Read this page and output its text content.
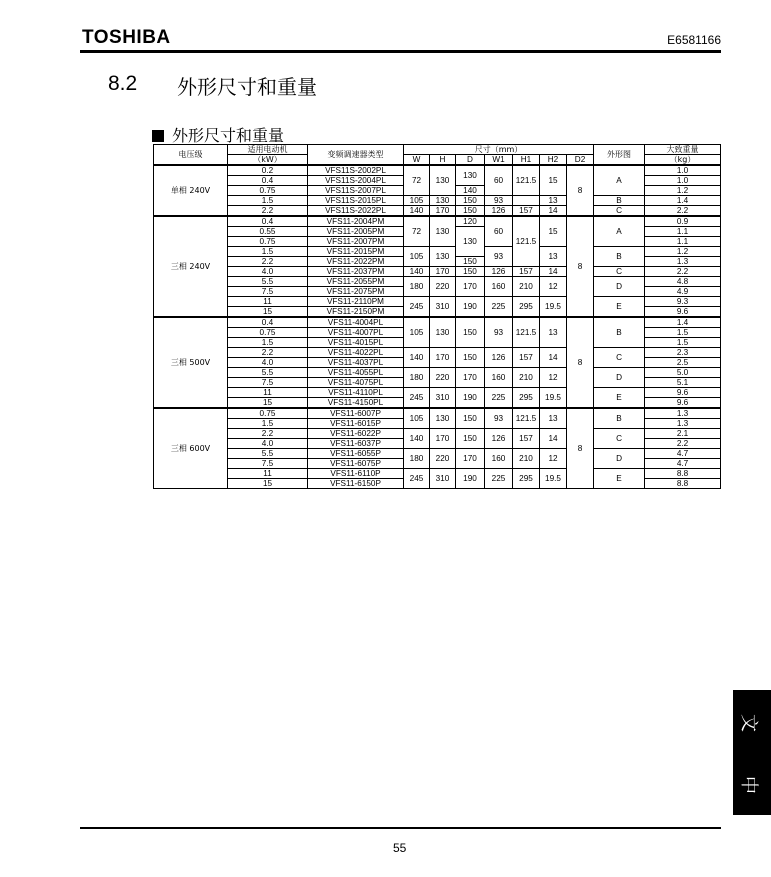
TOSHIBA	E6581166
8.2 外形尺寸和重量
外形尺寸和重量
电压级	适用电动机	变频调速器类型	尺寸（mm）							外形图	大致重量
	（kW）		W	H	D	W1	H1	H2	D2		（kg）
单相 240V	0.2	VFS11S-2002PL	72	130	130	60	121.5	15	8	A	1.0
	0.4	VFS11S-2004PL									1.0
	0.75	VFS11S-2007PL			140						1.2
	1.5	VFS11S-2015PL	105	130	150	93		13		B	1.4
	2.2	VFS11S-2022PL	140	170	150	126	157	14		C	2.2
三相 240V	0.4	VFS11-2004PM	72	130	120	60	121.5	15	8	A	0.9
	0.55	VFS11-2005PM			130						1.1
	0.75	VFS11-2007PM									1.1
	1.5	VFS11-2015PM	105	130		93		13		B	1.2
	2.2	VFS11-2022PM			150						1.3
	4.0	VFS11-2037PM	140	170	150	126	157	14		C	2.2
	5.5	VFS11-2055PM	180	220	170	160	210	12		D	4.8
	7.5	VFS11-2075PM									4.9
	11	VFS11-2110PM	245	310	190	225	295	19.5		E	9.3
	15	VFS11-2150PM									9.6
三相 500V	0.4	VFS11-4004PL	105	130	150	93	121.5	13	8	B	1.4
	0.75	VFS11-4007PL									1.5
	1.5	VFS11-4015PL									1.5
	2.2	VFS11-4022PL	140	170	150	126	157	14		C	2.3
	4.0	VFS11-4037PL									2.5
	5.5	VFS11-4055PL	180	220	170	160	210	12		D	5.0
	7.5	VFS11-4075PL									5.1
	11	VFS11-4110PL	245	310	190	225	295	19.5		E	9.6
	15	VFS11-4150PL									9.6
三相 600V	0.75	VFS11-6007P	105	130	150	93	121.5	13	8	B	1.3
	1.5	VFS11-6015P									1.3
	2.2	VFS11-6022P	140	170	150	126	157	14		C	2.1
	4.0	VFS11-6037P									2.2
	5.5	VFS11-6055P	180	220	170	160	210	12		D	4.7
	7.5	VFS11-6075P									4.7
	11	VFS11-6110P	245	310	190	225	295	19.5		E	8.8
	15	VFS11-6150P									8.8
文
中
55
